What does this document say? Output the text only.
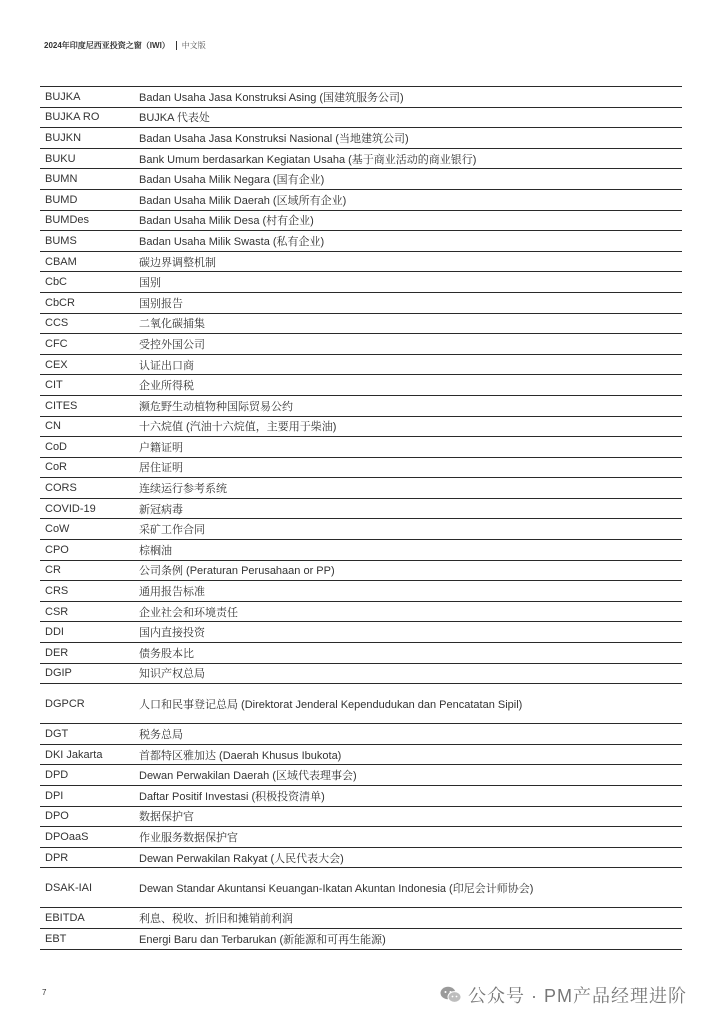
2024年印度尼西亚投资之窗（IWI） 中文版
BUJKA	Badan Usaha Jasa Konstruksi Asing (国建筑服务公司)
BUJKA RO	BUJKA 代表处
BUJKN	Badan Usaha Jasa Konstruksi Nasional (当地建筑公司)
BUKU	Bank Umum berdasarkan Kegiatan Usaha (基于商业活动的商业银行)
BUMN	Badan Usaha Milik Negara (国有企业)
BUMD	Badan Usaha Milik Daerah (区域所有企业)
BUMDes	Badan Usaha Milik Desa (村有企业)
BUMS	Badan Usaha Milik Swasta (私有企业)
CBAM	碳边界调整机制
CbC	国别
CbCR	国别报告
CCS	二氧化碳捕集
CFC	受控外国公司
CEX	认证出口商
CIT	企业所得税
CITES	濒危野生动植物种国际贸易公约
CN	十六烷值 (汽油十六烷值，主要用于柴油)
CoD	户籍证明
CoR	居住证明
CORS	连续运行参考系统
COVID-19	新冠病毒
CoW	采矿工作合同
CPO	棕榈油
CR	公司条例 (Peraturan Perusahaan or PP)
CRS	通用报告标准
CSR	企业社会和环境责任
DDI	国内直接投资
DER	债务股本比
DGIP	知识产权总局
DGPCR	人口和民事登记总局 (Direktorat Jenderal Kependudukan dan Pencatatan Sipil)
DGT	税务总局
DKI Jakarta	首都特区雅加达 (Daerah Khusus Ibukota)
DPD	Dewan Perwakilan Daerah (区域代表理事会)
DPI	Daftar Positif Investasi (积极投资清单)
DPO	数据保护官
DPOaaS	作业服务数据保护官
DPR	Dewan Perwakilan Rakyat (人民代表大会)
DSAK-IAI	Dewan Standar Akuntansi Keuangan-Ikatan Akuntan Indonesia (印尼会计师协会)
EBITDA	利息、税收、折旧和摊销前利润
EBT	Energi Baru dan Terbarukan (新能源和可再生能源)
7	公众号 · PM产品经理进阶
